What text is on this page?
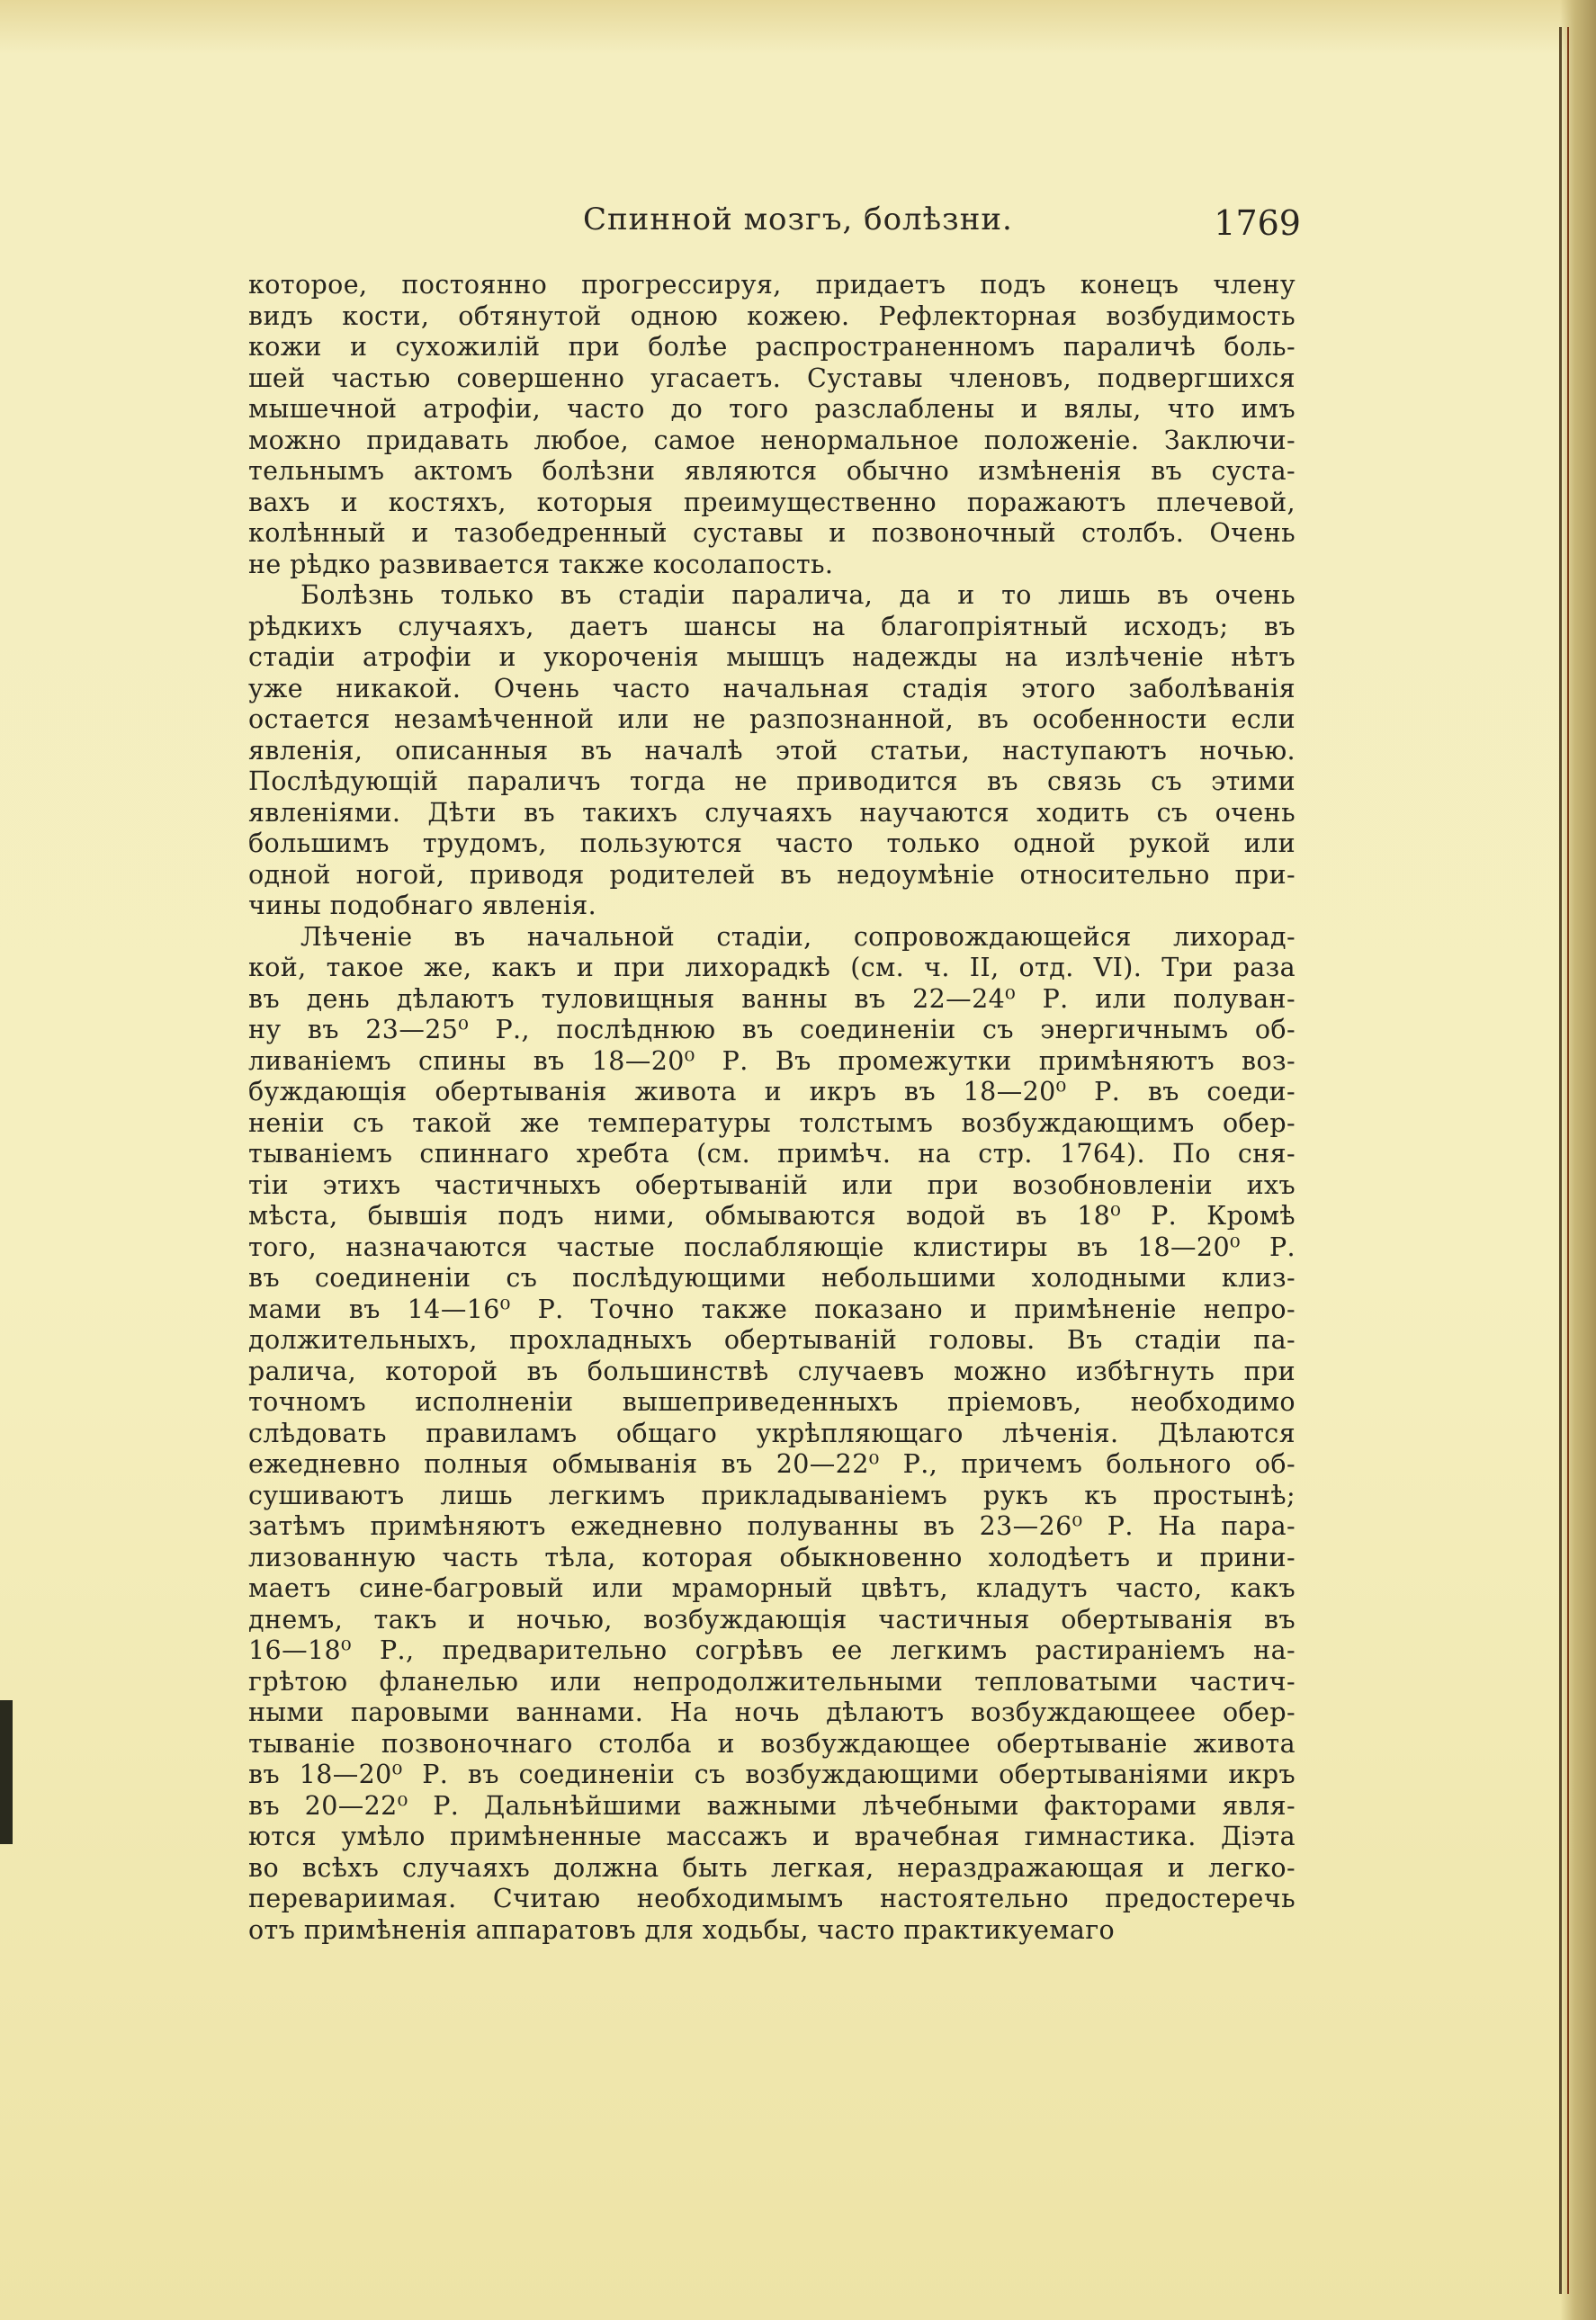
Спинной мозгъ, болѣзни.	1769

которое, постоянно прогрессируя, придаетъ подъ конецъ члену
видъ кости, обтянутой одною кожею. Рефлекторная возбудимость
кожи и сухожилій при болѣе распространенномъ параличѣ боль-
шей частью совершенно угасаетъ. Суставы членовъ, подвергшихся
мышечной атрофіи, часто до того разслаблены и вялы, что имъ
можно придавать любое, самое ненормальное положеніе. Заключи-
тельнымъ актомъ болѣзни являются обычно измѣненія въ суста-
вахъ и костяхъ, которыя преимущественно поражаютъ плечевой,
колѣнный и тазобедренный суставы и позвоночный столбъ. Очень
не рѣдко развивается также косолапость.

Болѣзнь только въ стадіи паралича, да и то лишь въ очень
рѣдкихъ случаяхъ, даетъ шансы на благопріятный исходъ; въ
стадіи атрофіи и укороченія мышцъ надежды на излѣченіе нѣтъ
уже никакой. Очень часто начальная стадія этого заболѣванія
остается незамѣченной или не разпознанной, въ особенности если
явленія, описанныя въ началѣ этой статьи, наступаютъ ночью.
Послѣдующій параличъ тогда не приводится въ связь съ этими
явленіями. Дѣти въ такихъ случаяхъ научаются ходить съ очень
большимъ трудомъ, пользуются часто только одной рукой или
одной ногой, приводя родителей въ недоумѣніе относительно при-
чины подобнаго явленія.

Лѣченіе въ начальной стадіи, сопровождающейся лихорад-
кой, такое же, какъ и при лихорадкѣ (см. ч. II, отд. VI). Три раза
въ день дѣлаютъ туловищныя ванны въ 22—24⁰ Р. или полуван-
ну въ 23—25⁰ Р., послѣднюю въ соединеніи съ энергичнымъ об-
ливаніемъ спины въ 18—20⁰ Р. Въ промежутки примѣняютъ воз-
буждающія обертыванія живота и икръ въ 18—20⁰ Р. въ соеди-
неніи съ такой же температуры толстымъ возбуждающимъ обер-
тываніемъ спиннаго хребта (см. примѣч. на стр. 1764). По сня-
тіи этихъ частичныхъ обертываній или при возобновленіи ихъ
мѣста, бывшія подъ ними, обмываются водой въ 18⁰ Р. Кромѣ
того, назначаются частые послабляющіе клистиры въ 18—20⁰ Р.
въ соединеніи съ послѣдующими небольшими холодными клиз-
мами въ 14—16⁰ Р. Точно также показано и примѣненіе непро-
должительныхъ, прохладныхъ обертываній головы. Въ стадіи па-
ралича, которой въ большинствѣ случаевъ можно избѣгнуть при
точномъ исполненіи вышеприведенныхъ пріемовъ, необходимо
слѣдовать правиламъ общаго укрѣпляющаго лѣченія. Дѣлаются
ежедневно полныя обмыванія въ 20—22⁰ Р., причемъ больного об-
сушиваютъ лишь легкимъ прикладываніемъ рукъ къ простынѣ;
затѣмъ примѣняютъ ежедневно полуванны въ 23—26⁰ Р. На пара-
лизованную часть тѣла, которая обыкновенно холодѣетъ и прини-
маетъ сине-багровый или мраморный цвѣтъ, кладутъ часто, какъ
днемъ, такъ и ночью, возбуждающія частичныя обертыванія въ
16—18⁰ Р., предварительно согрѣвъ ее легкимъ растираніемъ на-
грѣтою фланелью или непродолжительными тепловатыми частич-
ными паровыми ваннами. На ночь дѣлаютъ возбуждающеее обер-
тываніе позвоночнаго столба и возбуждающее обертываніе живота
въ 18—20⁰ Р. въ соединеніи съ возбуждающими обертываніями икръ
въ 20—22⁰ Р. Дальнѣйшими важными лѣчебными факторами явля-
ются умѣло примѣненные массажъ и врачебная гимнастика. Діэта
во всѣхъ случаяхъ должна быть легкая, нераздражающая и легко-
перевариимая. Считаю необходимымъ настоятельно предостеречь
отъ примѣненія аппаратовъ для ходьбы, часто практикуемаго
